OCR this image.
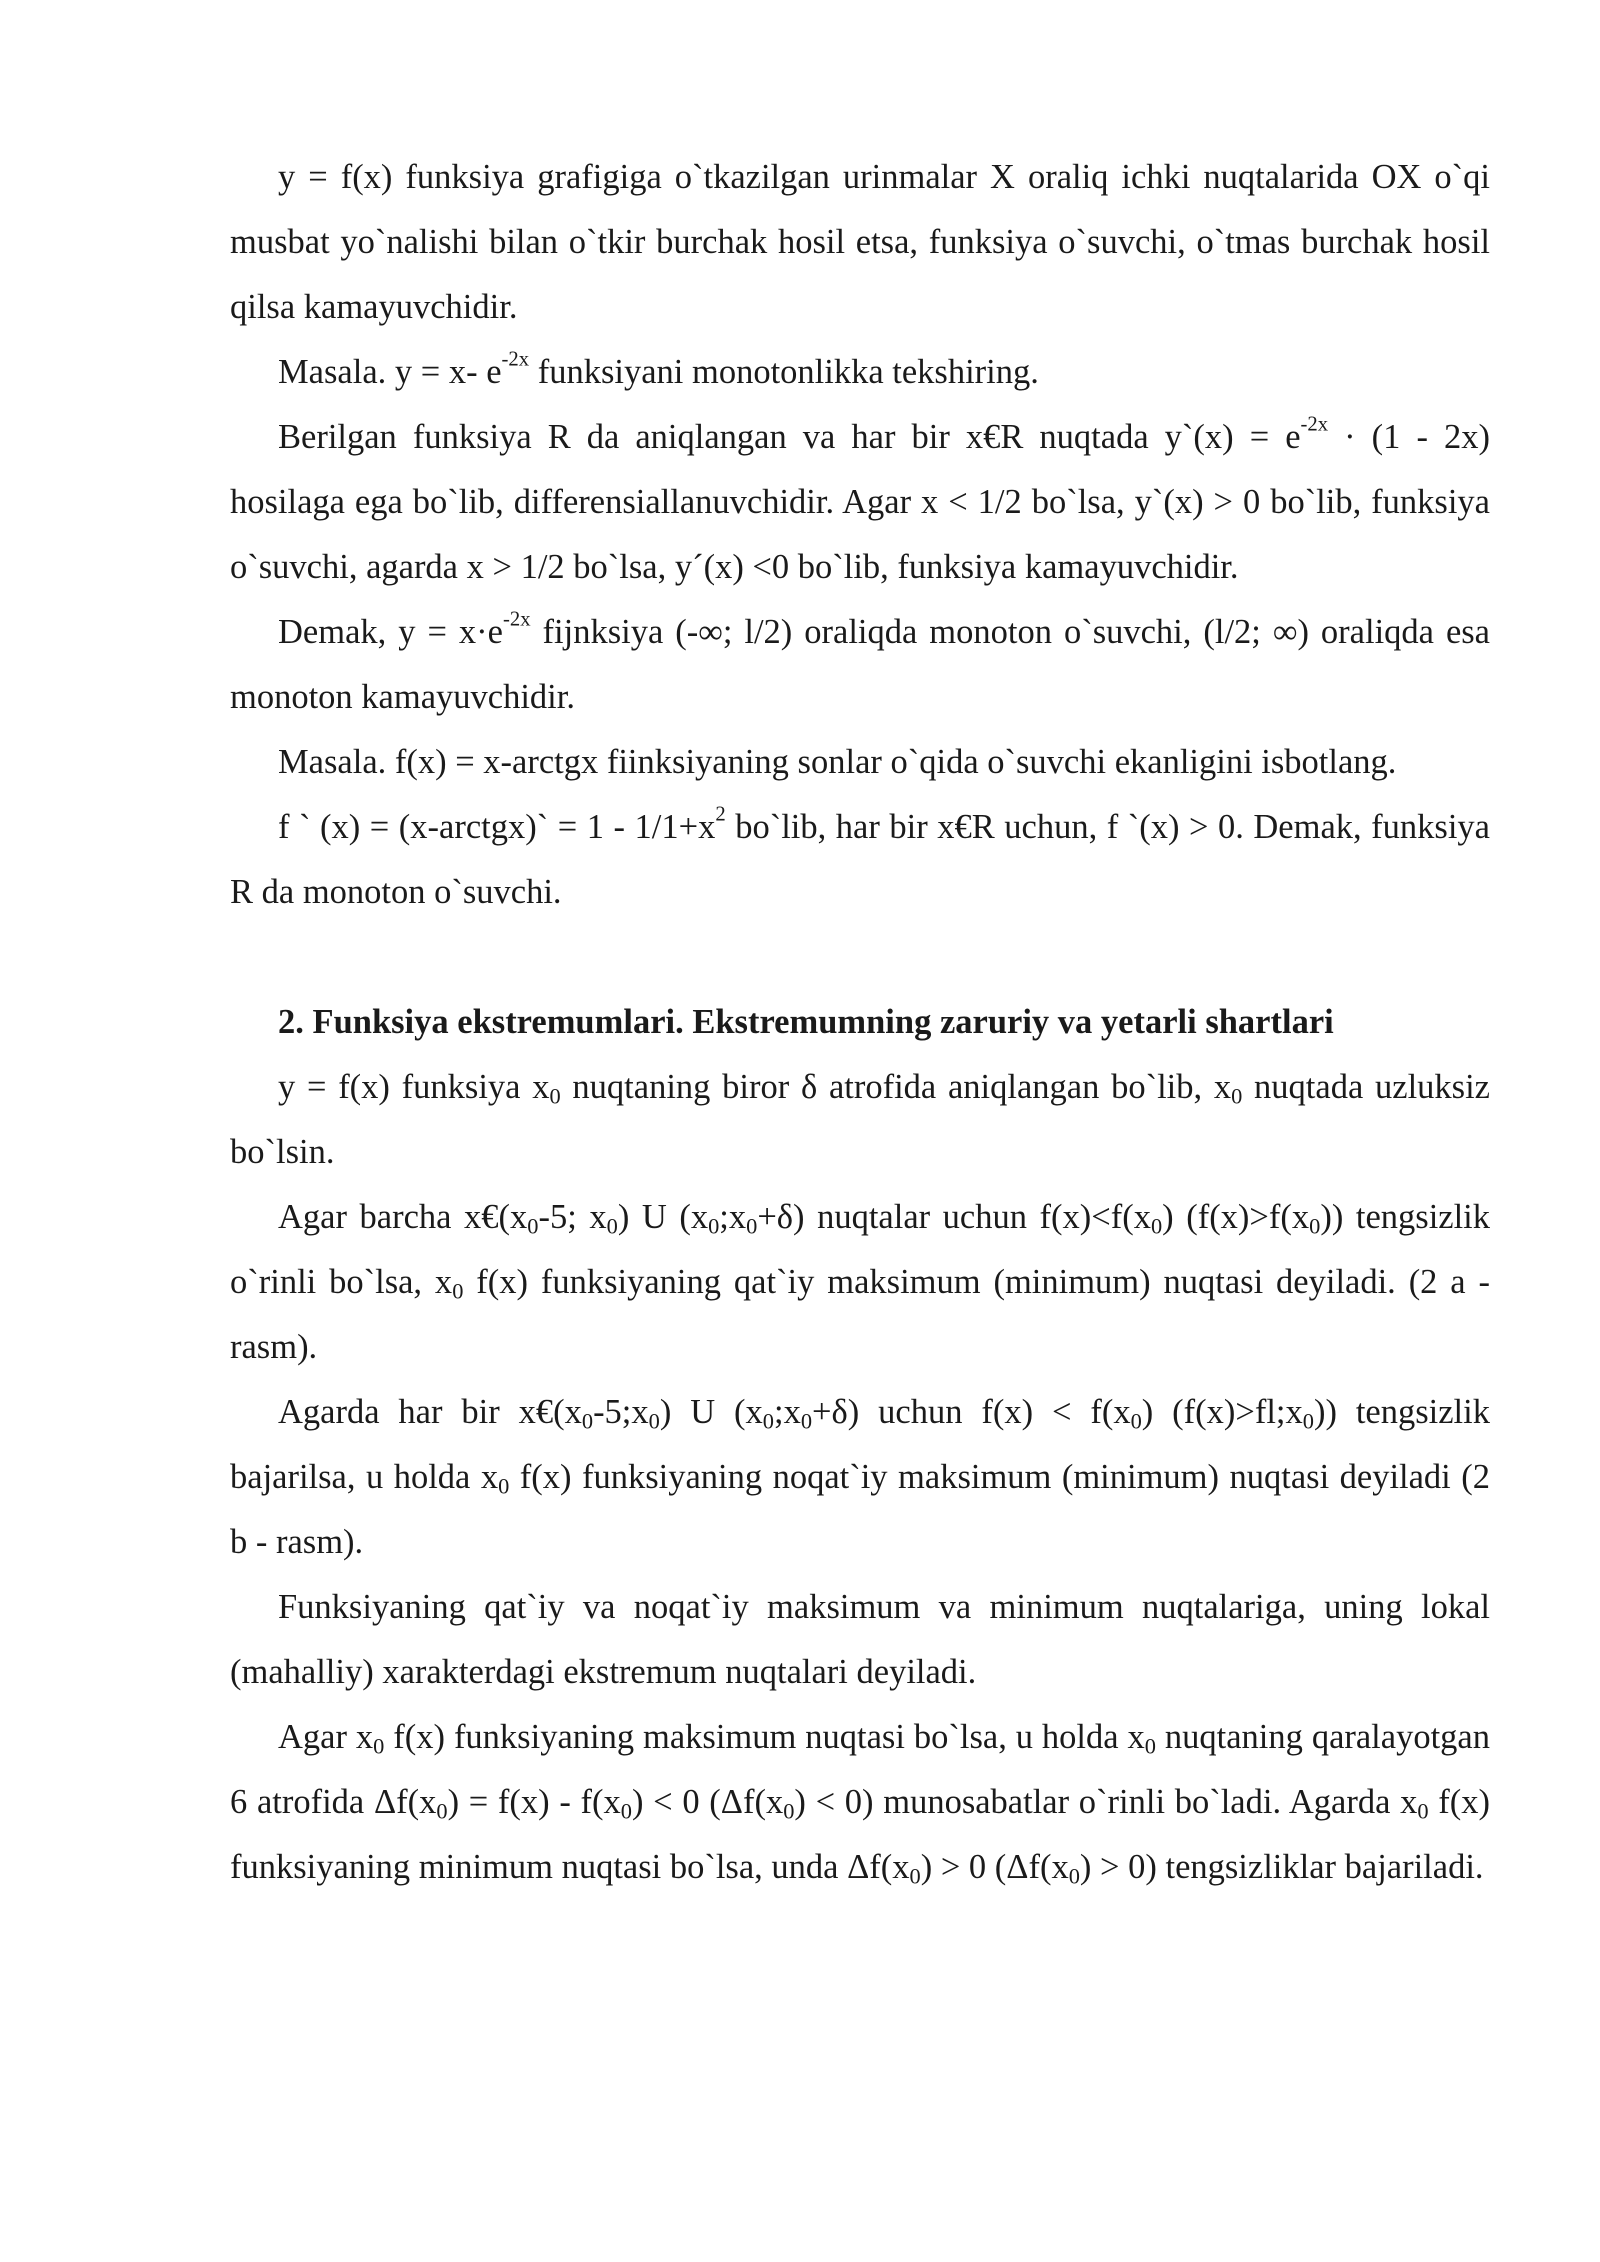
y = f(x) funksiya grafigiga o`tkazilgan urinmalar X oraliq ichki nuqtalarida OX o`qi musbat yo`nalishi bilan o`tkir burchak hosil etsa, funksiya o`suvchi, o`tmas burchak hosil qilsa kamayuvchidir.

Masala. y = x- $e^{-2x}$ funksiyani monotonlikka tekshiring.

Berilgan funksiya R da aniqlangan va har bir x€R nuqtada y`(x) = $e^{-2x} \cdot (1 - 2x)$ hosilaga ega bo`lib, differensiallanuvchidir. Agar x < 1/2 bo`lsa, y`(x) > 0 bo`lib, funksiya o`suvchi, agarda x > 1/2 bo`lsa, y´(x) <0 bo`lib, funksiya kamayuvchidir.

Demak, $y = x\cdot e^{-2x}$ fijnksiya (-∞; l/2) oraliqda monoton o`suvchi, (l/2; ∞) oraliqda esa monoton kamayuvchidir.

Masala. f(x) = x-arctgx fiinksiyaning sonlar o`qida o`suvchi ekanligini isbotlang.

f ` (x) = (x-arctgx)` = $1 - 1/1+x^2$ bo`lib, har bir x€R uchun, f `(x) > 0. Demak, funksiya R da monoton o`suvchi.

2. Funksiya ekstremumlari. Ekstremumning zaruriy va yetarli shartlari

y = f(x) funksiya $x_0$ nuqtaning biror δ atrofida aniqlangan bo`lib, $x_0$ nuqtada uzluksiz bo`lsin.

Agar barcha $x€(x_0-5$; $x_0$) U $(x_0;x_0+\delta)$ nuqtalar uchun $f(x)<f(x_0)$ $(f(x)>f(x_0))$ tengsizlik o`rinli bo`lsa, $x_0$ f(x) funksiyaning qat`iy maksimum (minimum) nuqtasi deyiladi. (2 a - rasm).

Agarda har bir $x€(x_0-5;x_0)$ U $(x_0;x_0+\delta)$ uchun $f(x) < f(x_0)$ $(f(x)>fl;x_0)$) tengsizlik bajarilsa, u holda $x_0$ f(x) funksiyaning noqat`iy maksimum (minimum) nuqtasi deyiladi (2 b - rasm).

Funksiyaning qat`iy va noqat`iy maksimum va minimum nuqtalariga, uning lokal (mahalliy) xarakterdagi ekstremum nuqtalari deyiladi.

Agar $x_0$ f(x) funksiyaning maksimum nuqtasi bo`lsa, u holda $x_0$ nuqtaning qaralayotgan 6 atrofida $\Delta f(x_0) = f(x) - f(x_0) < 0$ $(\Delta f(x_0) < 0)$ munosabatlar o`rinli bo`ladi. Agarda $x_0$ f(x) funksiyaning minimum nuqtasi bo`lsa, unda $\Delta f(x_0) > 0$ $(\Delta f(x_0) > 0)$ tengsizliklar bajariladi.
